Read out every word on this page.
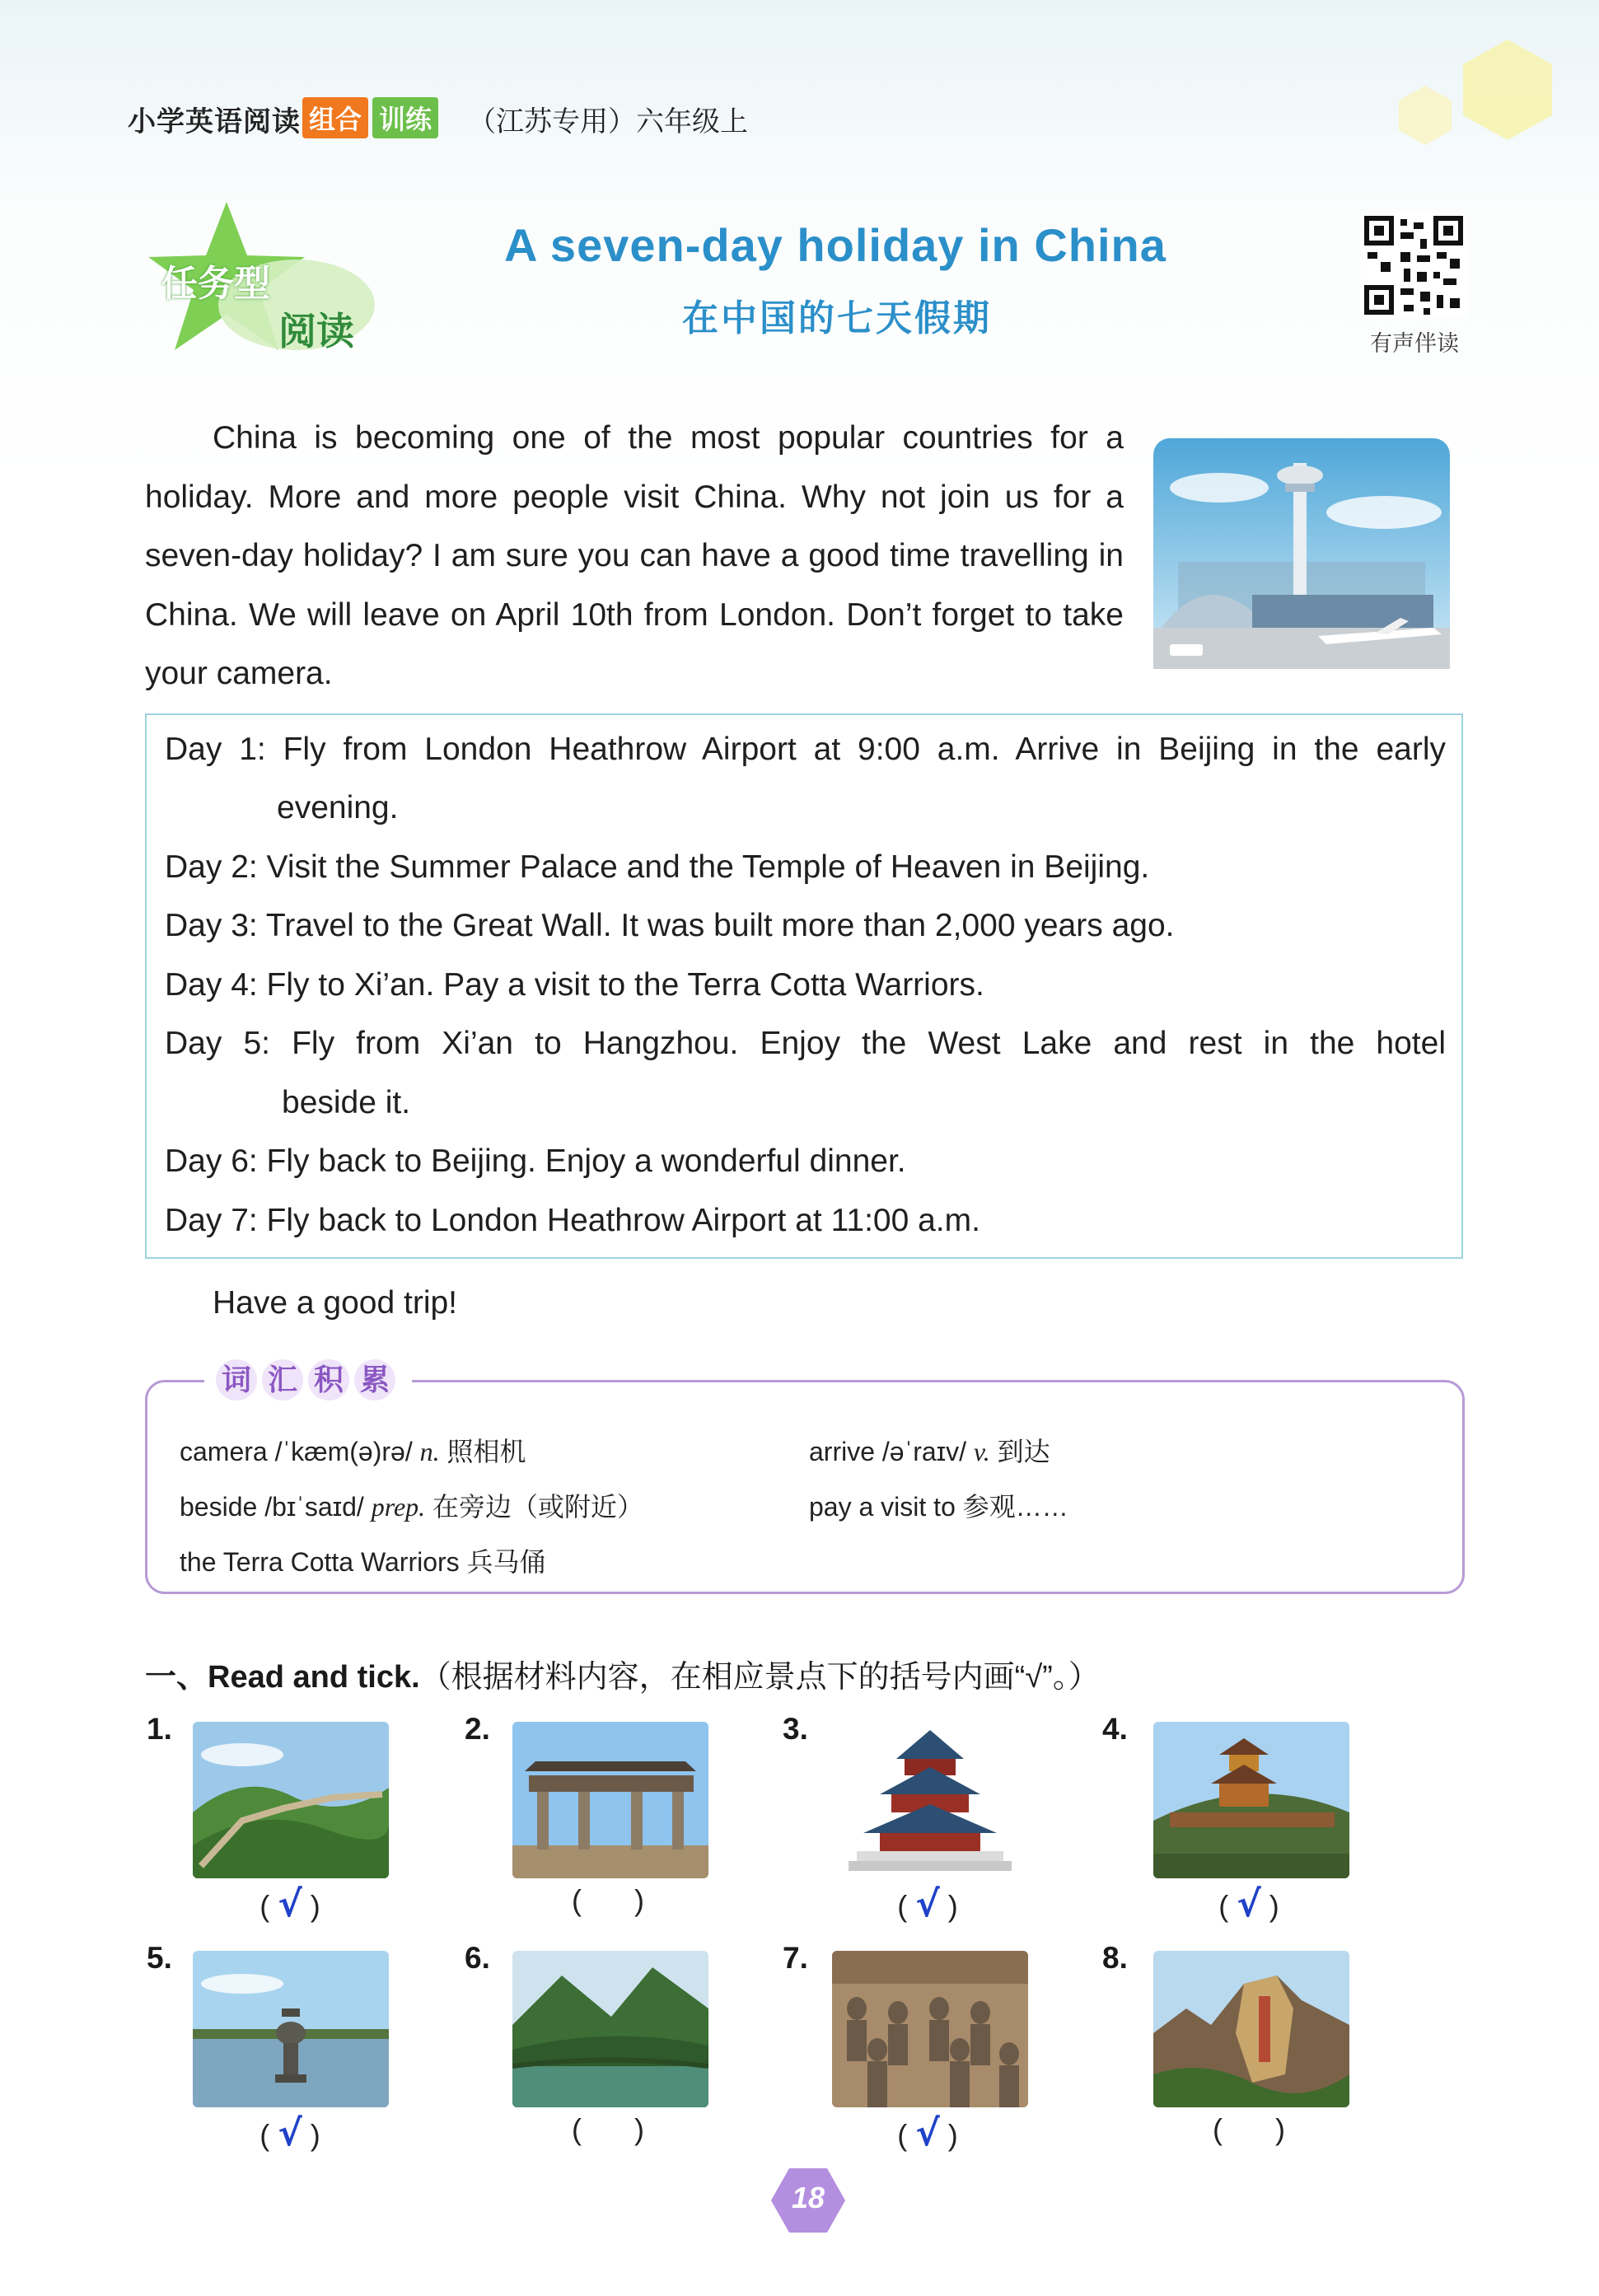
小学英语阅读 组合 训练 （江苏专用）六年级上
任务型
阅读
A seven-day holiday in China
在中国的七天假期
有声伴读
China is becoming one of the most popular countries for a holiday. More and more people visit China. Why not join us for a seven-day holiday? I am sure you can have a good time travelling in China. We will leave on April 10th from London. Don’t forget to take your camera.
Day 1: Fly from London Heathrow Airport at 9:00 a.m. Arrive in Beijing in the early
evening.
Day 2: Visit the Summer Palace and the Temple of Heaven in Beijing.
Day 3: Travel to the Great Wall. It was built more than 2,000 years ago.
Day 4: Fly to Xi’an. Pay a visit to the Terra Cotta Warriors.
Day 5: Fly from Xi’an to Hangzhou. Enjoy the West Lake and rest in the hotel
beside it.
Day 6: Fly back to Beijing. Enjoy a wonderful dinner.
Day 7: Fly back to London Heathrow Airport at 11:00 a.m.
Have a good trip!
词 汇 积 累
camera /ˈkæm(ə)rə/ n. 照相机	arrive /əˈraɪv/ v. 到达
beside /bɪˈsaɪd/ prep. 在旁边（或附近）	pay a visit to 参观……
the Terra Cotta Warriors 兵马俑
一、Read and tick.（根据材料内容，在相应景点下的括号内画“√”。）
1.
( √ )
2.
( )
3.
( √ )
4.
( √ )
5.
( √ )
6.
( )
7.
( √ )
8.
( )
18
